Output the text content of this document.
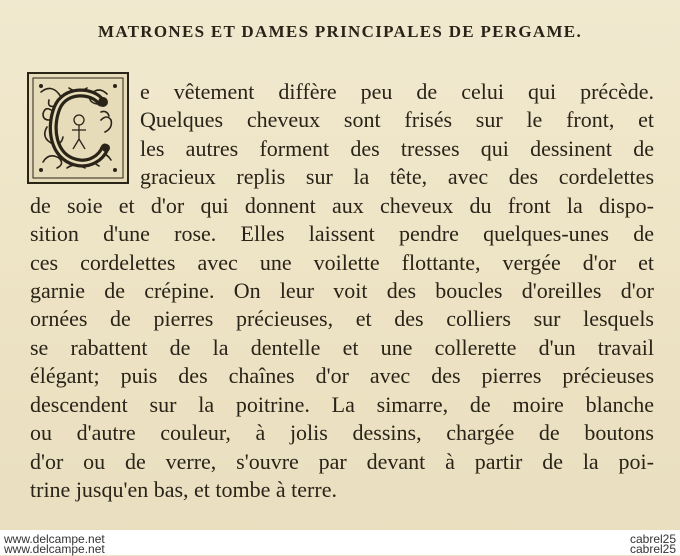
MATRONES ET DAMES PRINCIPALES DE PERGAME.
e vêtement diffère peu de celui qui précède.
Quelques cheveux sont frisés sur le front, et
les autres forment des tresses qui dessinent de
gracieux replis sur la tête, avec des cordelettes
de soie et d'or qui donnent aux cheveux du front la dispo-
sition d'une rose. Elles laissent pendre quelques-unes de
ces cordelettes avec une voilette flottante, vergée d'or et
garnie de crépine. On leur voit des boucles d'oreilles d'or
ornées de pierres précieuses, et des colliers sur lesquels
se rabattent de la dentelle et une collerette d'un travail
élégant; puis des chaînes d'or avec des pierres précieuses
descendent sur la poitrine. La simarre, de moire blanche
ou d'autre couleur, à jolis dessins, chargée de boutons
d'or ou de verre, s'ouvre par devant à partir de la poi-
trine jusqu'en bas, et tombe à terre.
www.delcampe.net
www.delcampe.net
cabrel25
cabrel25
